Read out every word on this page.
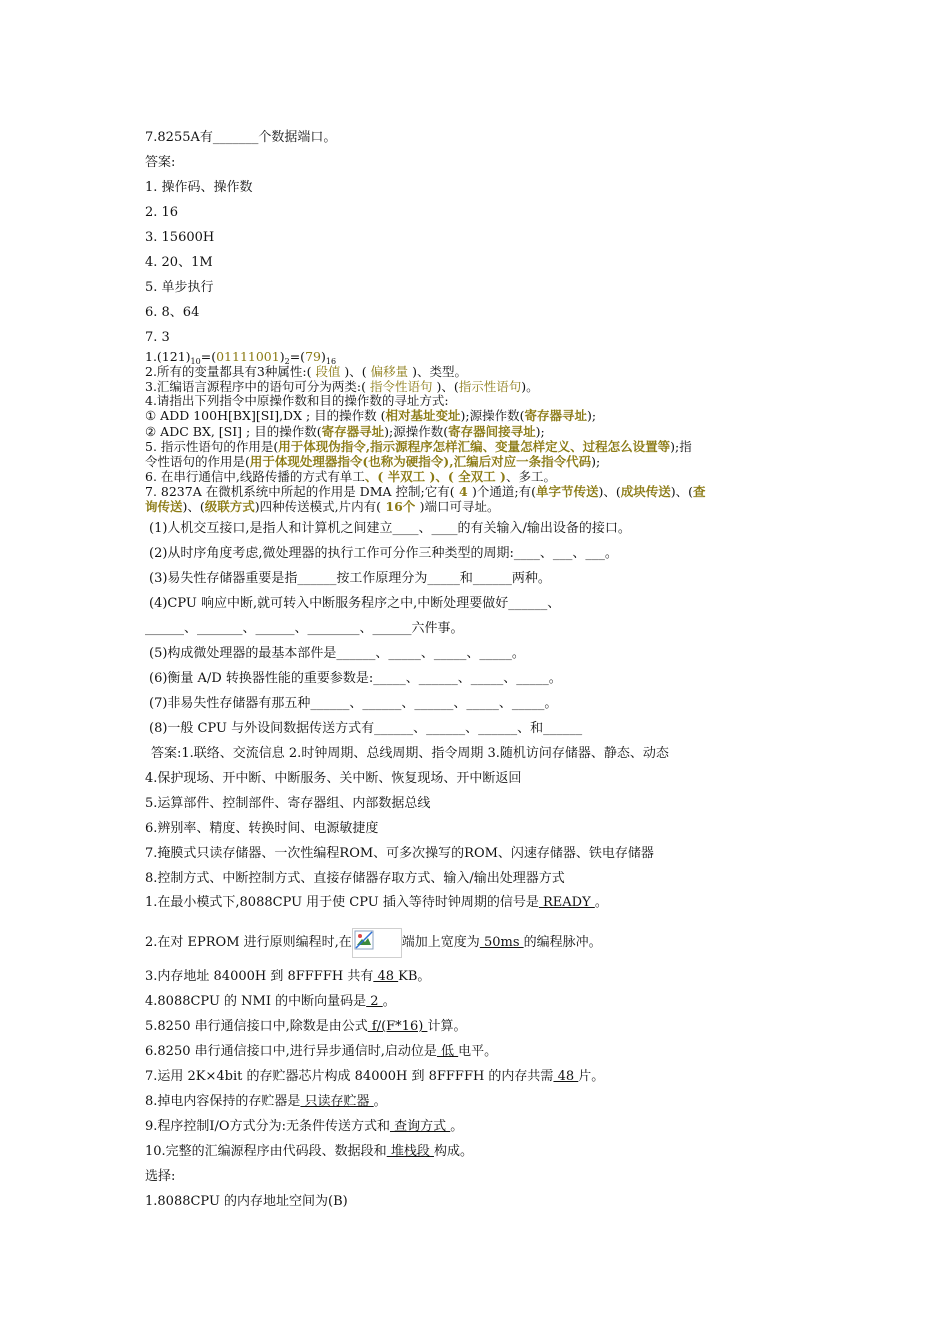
7.8255A有_______个数据端口。
答案:
1. 操作码、操作数
2. 16
3. 15600H
4. 20、1M
5. 单步执行
6. 8、64
7. 3
$1.(121)_{10}=(01111001)_2=(79)_{16}$
2.所有的变量都具有3种属性:( 段值 )、( 偏移量 )、类型。
3.汇编语言源程序中的语句可分为两类:( 指令性语句 )、(指示性语句)。
4.请指出下列指令中原操作数和目的操作数的寻址方式:
① ADD 100H[BX][SI],DX ; 目的操作数 (相对基址变址);源操作数(寄存器寻址);
② ADC BX, [SI] ; 目的操作数(寄存器寻址);源操作数(寄存器间接寻址);
5. 指示性语句的作用是(用于体现伪指令,指示源程序怎样汇编、变量怎样定义、过程怎么设置等);指
令性语句的作用是(用于体现处理器指令(也称为硬指令),汇编后对应一条指令代码);
6. 在串行通信中,线路传播的方式有单工、( 半双工 )、( 全双工 )、多工。
7. 8237A 在微机系统中所起的作用是 DMA 控制;它有( 4 )个通道;有(单字节传送)、(成块传送)、(查
询传送)、(级联方式)四种传送模式,片内有( 16个 )端口可寻址。
(1)人机交互接口,是指人和计算机之间建立____、____的有关输入/输出设备的接口。
(2)从时序角度考虑,微处理器的执行工作可分作三种类型的周期:____、___、___。
(3)易失性存储器重要是指______按工作原理分为_____和______两种。
(4)CPU 响应中断,就可转入中断服务程序之中,中断处理要做好______、
______、_______、______、________、______六件事。
(5)构成微处理器的最基本部件是______、_____、_____、_____。
(6)衡量 A/D 转换器性能的重要参数是:_____、______、_____、_____。
(7)非易失性存储器有那五种______、______、______、_____、_____。
(8)一般 CPU 与外设间数据传送方式有______、______、______、和______
答案:1.联络、交流信息 2.时钟周期、总线周期、指令周期 3.随机访问存储器、静态、动态
4.保护现场、开中断、中断服务、关中断、恢复现场、开中断返回
5.运算部件、控制部件、寄存器组、内部数据总线
6.辨别率、精度、转换时间、电源敏捷度
7.掩膜式只读存储器、一次性编程ROM、可多次操写的ROM、闪速存储器、铁电存储器
8.控制方式、中断控制方式、直接存储器存取方式、输入/输出处理器方式
1.在最小模式下,8088CPU 用于使 CPU 插入等待时钟周期的信号是 READY 。
2.在对 EPROM 进行原则编程时,在	端加上宽度为 50ms 的编程脉冲。
3.内存地址 84000H 到 8FFFFH 共有 48 KB。
4.8088CPU 的 NMI 的中断向量码是 2 。
5.8250 串行通信接口中,除数是由公式 f/(F*16) 计算。
6.8250 串行通信接口中,进行异步通信时,启动位是 低 电平。
7.运用 2K×4bit 的存贮器芯片构成 84000H 到 8FFFFH 的内存共需 48 片。
8.掉电内容保持的存贮器是 只读存贮器 。
9.程序控制I/O方式分为:无条件传送方式和 查询方式 。
10.完整的汇编源程序由代码段、数据段和 堆栈段 构成。
选择:
1.8088CPU 的内存地址空间为(B)
